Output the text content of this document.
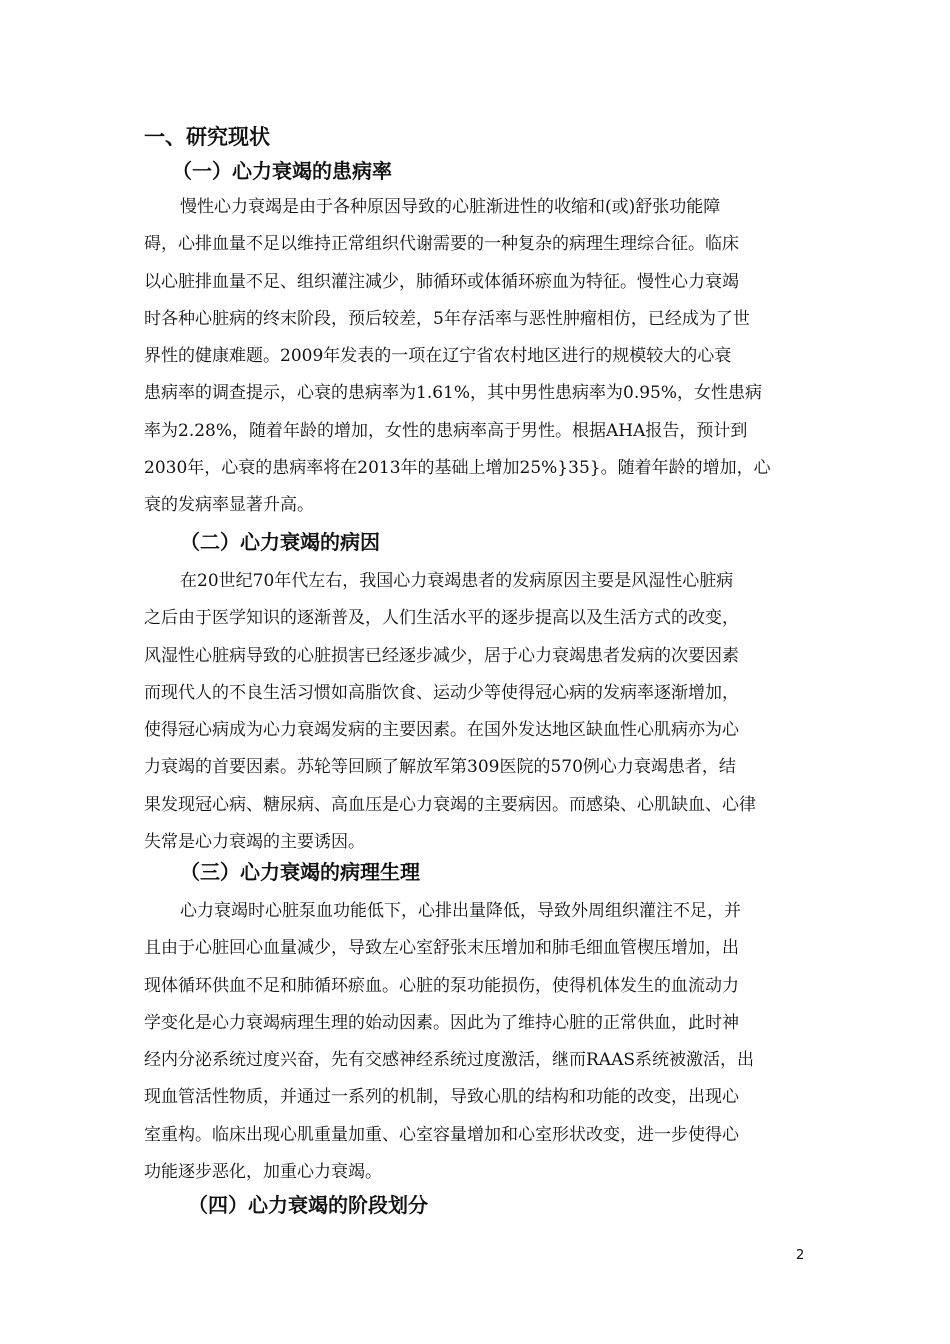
一、研究现状
（一）心力衰竭的患病率
慢性心力衰竭是由于各种原因导致的心脏渐进性的收缩和(或)舒张功能障
碍，心排血量不足以维持正常组织代谢需要的一种复杂的病理生理综合征。临床
以心脏排血量不足、组织灌注减少，肺循环或体循环瘀血为特征。慢性心力衰竭
时各种心脏病的终末阶段，预后较差，5年存活率与恶性肿瘤相仿，已经成为了世
界性的健康难题。2009年发表的一项在辽宁省农村地区进行的规模较大的心衰
患病率的调查提示，心衰的患病率为1.61%，其中男性患病率为0.95%，女性患病
率为2.28%，随着年龄的增加，女性的患病率高于男性。根据AHA报告，预计到
2030年，心衰的患病率将在2013年的基础上增加25%}35}。随着年龄的增加，心
衰的发病率显著升高。
（二）心力衰竭的病因
在20世纪70年代左右，我国心力衰竭患者的发病原因主要是风湿性心脏病
之后由于医学知识的逐渐普及，人们生活水平的逐步提高以及生活方式的改变，
风湿性心脏病导致的心脏损害已经逐步减少，居于心力衰竭患者发病的次要因素
而现代人的不良生活习惯如高脂饮食、运动少等使得冠心病的发病率逐渐增加，
使得冠心病成为心力衰竭发病的主要因素。在国外发达地区缺血性心肌病亦为心
力衰竭的首要因素。苏轮等回顾了解放军第309医院的570例心力衰竭患者，结
果发现冠心病、糖尿病、高血压是心力衰竭的主要病因。而感染、心肌缺血、心律
失常是心力衰竭的主要诱因。
（三）心力衰竭的病理生理
心力衰竭时心脏泵血功能低下，心排出量降低，导致外周组织灌注不足，并
且由于心脏回心血量减少，导致左心室舒张末压增加和肺毛细血管楔压增加，出
现体循环供血不足和肺循环瘀血。心脏的泵功能损伤，使得机体发生的血流动力
学变化是心力衰竭病理生理的始动因素。因此为了维持心脏的正常供血，此时神
经内分泌系统过度兴奋，先有交感神经系统过度激活，继而RAAS系统被激活，出
现血管活性物质，并通过一系列的机制，导致心肌的结构和功能的改变，出现心
室重构。临床出现心肌重量加重、心室容量增加和心室形状改变，进一步使得心
功能逐步恶化，加重心力衰竭。
（四）心力衰竭的阶段划分
2
